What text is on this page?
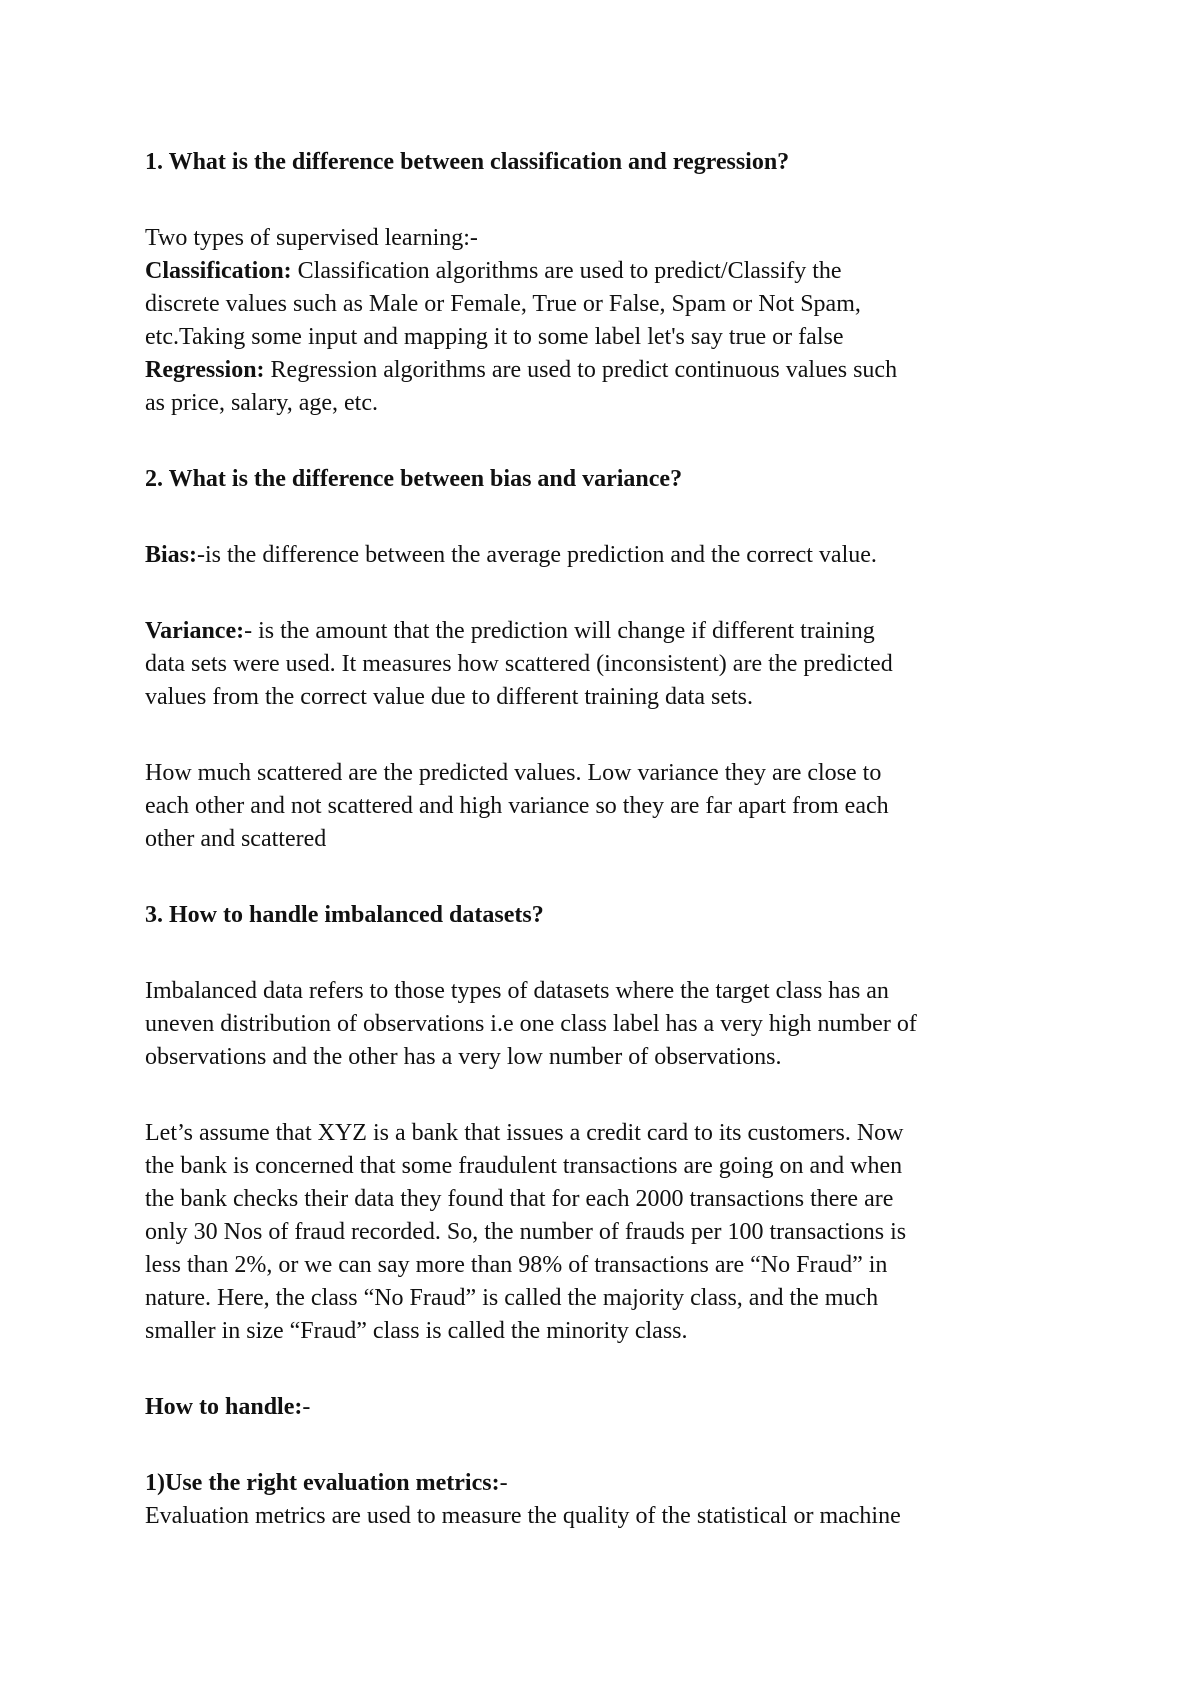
1. What is the difference between classification and regression?

Two types of supervised learning:-

Classification: Classification algorithms are used to predict/Classify the

discrete values such as Male or Female, True or False, Spam or Not Spam,

etc.Taking some input and mapping it to some label let's say true or false

Regression: Regression algorithms are used to predict continuous values such

as price, salary, age, etc.

2. What is the difference between bias and variance?

Bias:-is the difference between the average prediction and the correct value.

Variance:- is the amount that the prediction will change if different training

data sets were used. It measures how scattered (inconsistent) are the predicted

values from the correct value due to different training data sets.

How much scattered are the predicted values. Low variance they are close to

each other and not scattered and high variance so they are far apart from each

other and scattered

3. How to handle imbalanced datasets?

Imbalanced data refers to those types of datasets where the target class has an

uneven distribution of observations i.e one class label has a very high number of

observations and the other has a very low number of observations.

Let’s assume that XYZ is a bank that issues a credit card to its customers. Now

the bank is concerned that some fraudulent transactions are going on and when

the bank checks their data they found that for each 2000 transactions there are

only 30 Nos of fraud recorded. So, the number of frauds per 100 transactions is

less than 2%, or we can say more than 98% of transactions are “No Fraud” in

nature. Here, the class “No Fraud” is called the majority class, and the much

smaller in size “Fraud” class is called the minority class.

How to handle:-

1)Use the right evaluation metrics:-

Evaluation metrics are used to measure the quality of the statistical or machine
